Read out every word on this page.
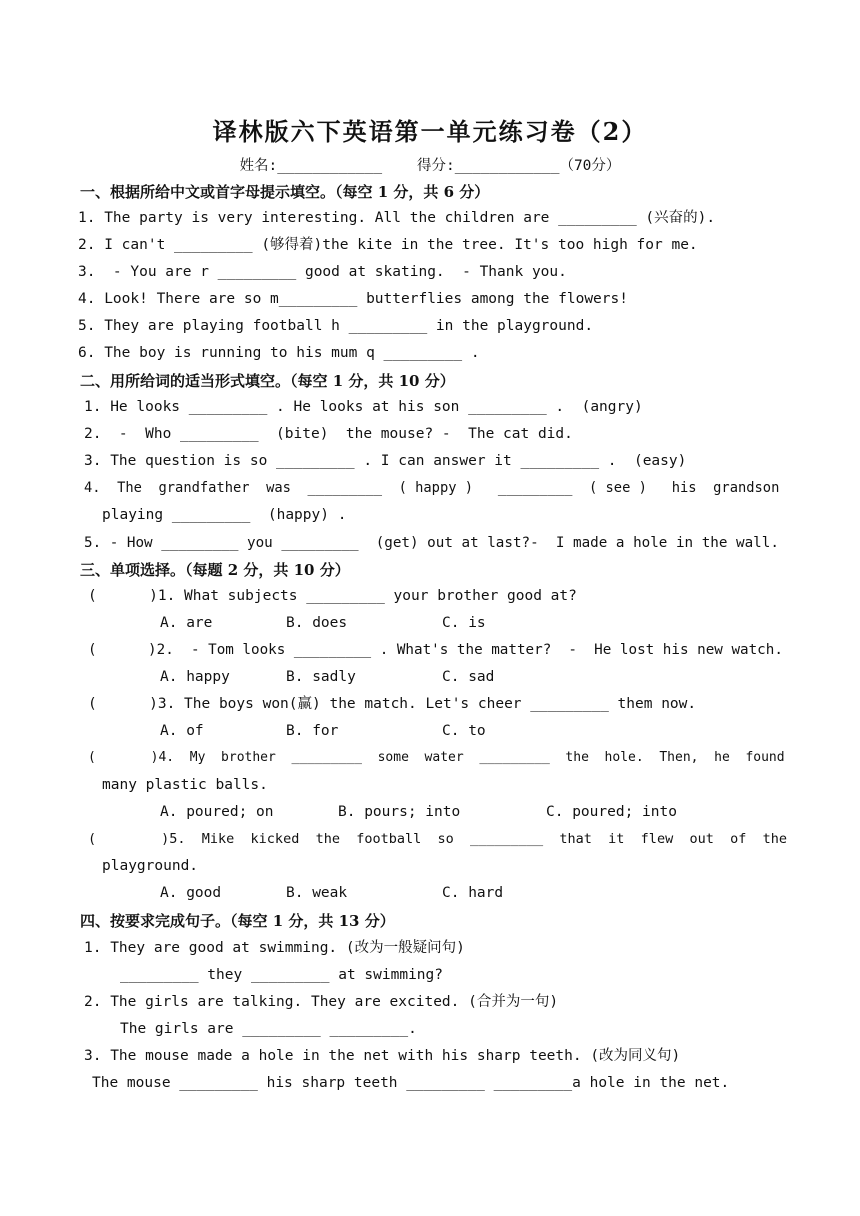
译林版六下英语第一单元练习卷（2）
姓名:____________    得分:____________（70分）
一、根据所给中文或首字母提示填空。（每空 1 分，共 6 分）
1. The party is very interesting. All the children are _________ (兴奋的).
2. I can't _________ (够得着)the kite in the tree. It's too high for me.
3.  - You are r _________ good at skating.  - Thank you.
4. Look! There are so m_________ butterflies among the flowers!
5. They are playing football h _________ in the playground.
6. The boy is running to his mum q _________ .
二、用所给词的适当形式填空。（每空 1 分，共 10 分）
1. He looks _________ . He looks at his son _________ .  (angry)
2.  -  Who _________  (bite)  the mouse? -  The cat did.
3. The question is so _________ . I can answer it _________ .  (easy)
4.  The  grandfather  was  _________  ( happy )   _________  ( see )   his  grandson
playing _________  (happy) .
5. - How _________ you _________  (get) out at last?-  I made a hole in the wall.
三、单项选择。（每题 2 分，共 10 分）
(      )1. What subjects _________ your brother good at?
A. are	B. does	C. is
(      )2.  - Tom looks _________ . What's the matter?  -  He lost his new watch.
A. happy	B. sadly	C. sad
(      )3. The boys won(赢) the match. Let's cheer _________ them now.
A. of	B. for	C. to
(       )4.  My  brother  _________  some  water  _________  the  hole.  Then,  he  found
many plastic balls.
A. poured; on	B. pours; into	C. poured; into
(        )5.  Mike  kicked  the  football  so  _________  that  it  flew  out  of  the
playground.
A. good	B. weak	C. hard
四、按要求完成句子。（每空 1 分，共 13 分）
1. They are good at swimming. (改为一般疑问句)
_________ they _________ at swimming?
2. The girls are talking. They are excited. (合并为一句)
The girls are _________ _________.
3. The mouse made a hole in the net with his sharp teeth. (改为同义句)
The mouse _________ his sharp teeth _________ _________a hole in the net.
